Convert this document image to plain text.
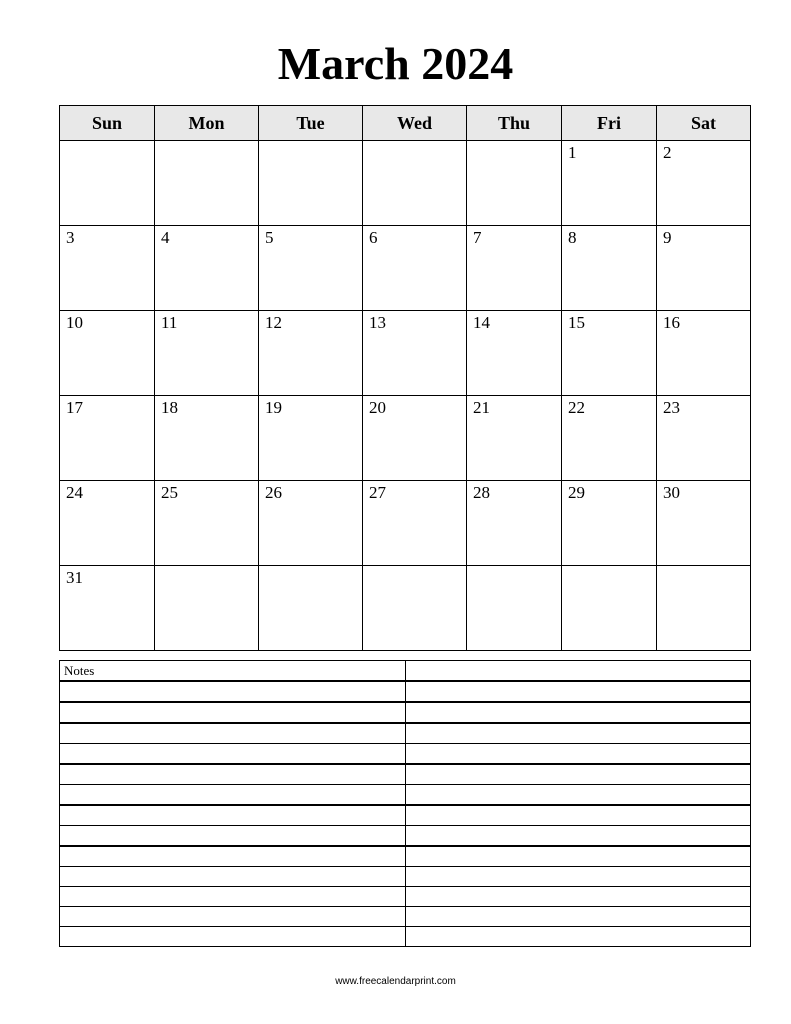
March 2024
Sun	Mon	Tue	Wed	Thu	Fri	Sat
					1	2
3	4	5	6	7	8	9
10	11	12	13	14	15	16
17	18	19	20	21	22	23
24	25	26	27	28	29	30
31						
Notes	

www.freecalendarprint.com
